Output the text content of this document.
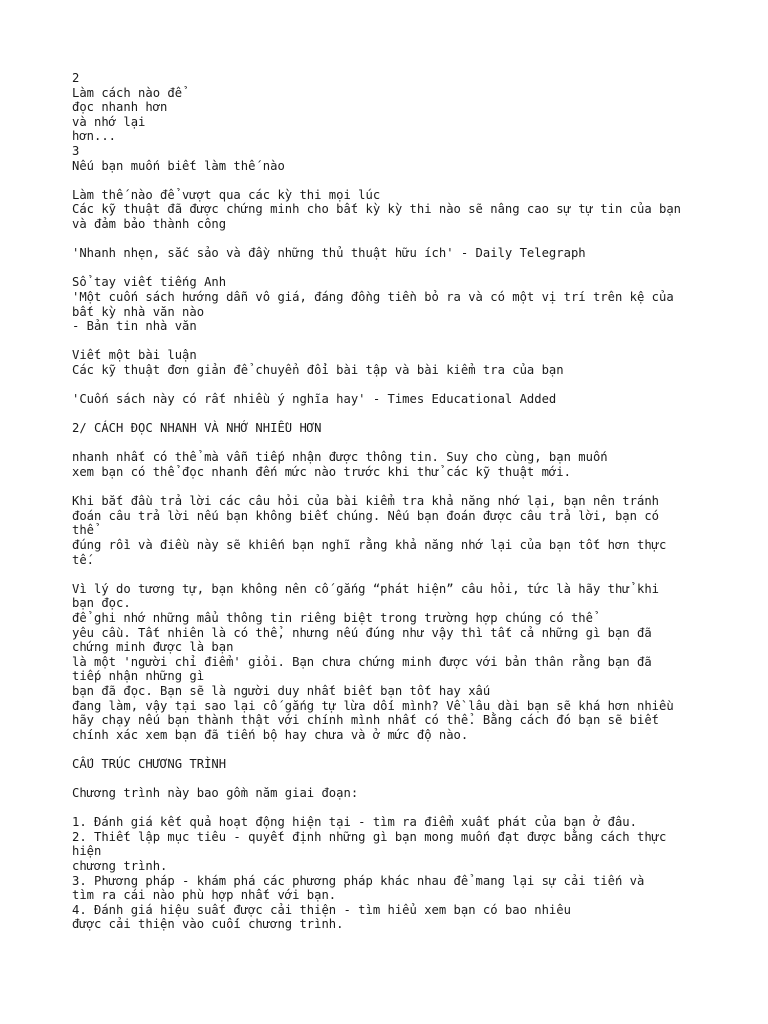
2
Làm cách nào để
đọc nhanh hơn
và nhớ lại
hơn...
3
Nếu bạn muốn biết làm thế nào
Làm thế nào để vượt qua các kỳ thi mọi lúc
Các kỹ thuật đã được chứng minh cho bất kỳ kỳ thi nào sẽ nâng cao sự tự tin của bạn
và đảm bảo thành công
'Nhanh nhẹn, sắc sảo và đầy những thủ thuật hữu ích' - Daily Telegraph
Sổ tay viết tiếng Anh
'Một cuốn sách hướng dẫn vô giá, đáng đồng tiền bỏ ra và có một vị trí trên kệ của
bất kỳ nhà văn nào
- Bản tin nhà văn
Viết một bài luận
Các kỹ thuật đơn giản để chuyển đổi bài tập và bài kiểm tra của bạn
'Cuốn sách này có rất nhiều ý nghĩa hay' - Times Educational Added
2/ CÁCH ĐỌC NHANH VÀ NHỚ NHIỀU HƠN
nhanh nhất có thể mà vẫn tiếp nhận được thông tin. Suy cho cùng, bạn muốn
xem bạn có thể đọc nhanh đến mức nào trước khi thử các kỹ thuật mới.
Khi bắt đầu trả lời các câu hỏi của bài kiểm tra khả năng nhớ lại, bạn nên tránh
đoán câu trả lời nếu bạn không biết chúng. Nếu bạn đoán được câu trả lời, bạn có
thể
đúng rồi và điều này sẽ khiến bạn nghĩ rằng khả năng nhớ lại của bạn tốt hơn thực
tế.
Vì lý do tương tự, bạn không nên cố gắng “phát hiện” câu hỏi, tức là hãy thử khi
bạn đọc.
để ghi nhớ những mẩu thông tin riêng biệt trong trường hợp chúng có thể
yêu cầu. Tất nhiên là có thể, nhưng nếu đúng như vậy thì tất cả những gì bạn đã
chứng minh được là bạn
là một 'người chỉ điểm' giỏi. Bạn chưa chứng minh được với bản thân rằng bạn đã
tiếp nhận những gì
bạn đã đọc. Bạn sẽ là người duy nhất biết bạn tốt hay xấu
đang làm, vậy tại sao lại cố gắng tự lừa dối mình? Về lâu dài bạn sẽ khá hơn nhiều
hãy chạy nếu bạn thành thật với chính mình nhất có thể. Bằng cách đó bạn sẽ biết
chính xác xem bạn đã tiến bộ hay chưa và ở mức độ nào.
CẤU TRÚC CHƯƠNG TRÌNH
Chương trình này bao gồm năm giai đoạn:
1. Đánh giá kết quả hoạt động hiện tại - tìm ra điểm xuất phát của bạn ở đâu.
2. Thiết lập mục tiêu - quyết định những gì bạn mong muốn đạt được bằng cách thực
hiện
chương trình.
3. Phương pháp - khám phá các phương pháp khác nhau để mang lại sự cải tiến và
tìm ra cái nào phù hợp nhất với bạn.
4. Đánh giá hiệu suất được cải thiện - tìm hiểu xem bạn có bao nhiêu
được cải thiện vào cuối chương trình.
